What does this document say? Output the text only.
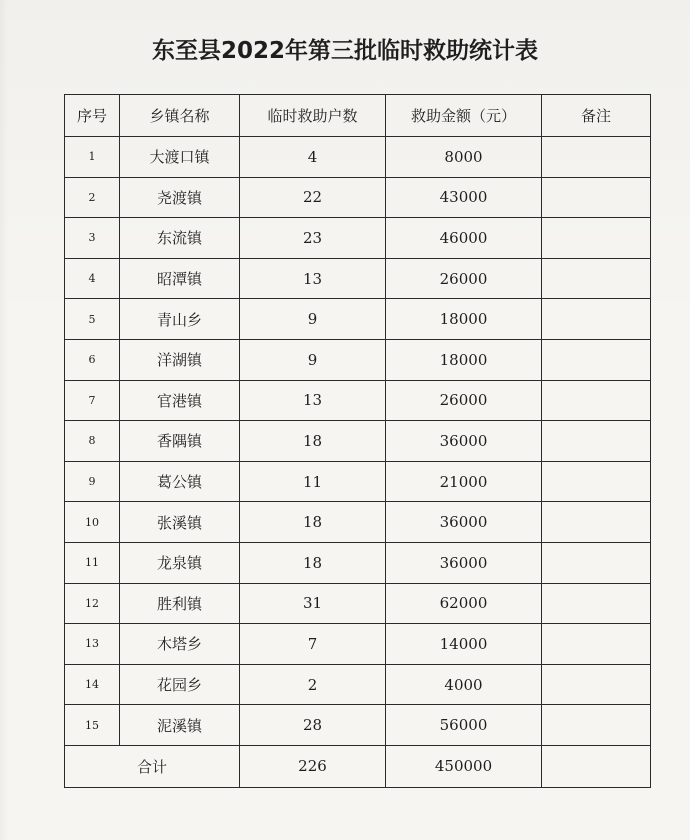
东至县2022年第三批临时救助统计表
序号	乡镇名称	临时救助户数	救助金额（元）	备注
1	大渡口镇	4	8000	
2	尧渡镇	22	43000	
3	东流镇	23	46000	
4	昭潭镇	13	26000	
5	青山乡	9	18000	
6	洋湖镇	9	18000	
7	官港镇	13	26000	
8	香隅镇	18	36000	
9	葛公镇	11	21000	
10	张溪镇	18	36000	
11	龙泉镇	18	36000	
12	胜利镇	31	62000	
13	木塔乡	7	14000	
14	花园乡	2	4000	
15	泥溪镇	28	56000	
合计		226	450000	
